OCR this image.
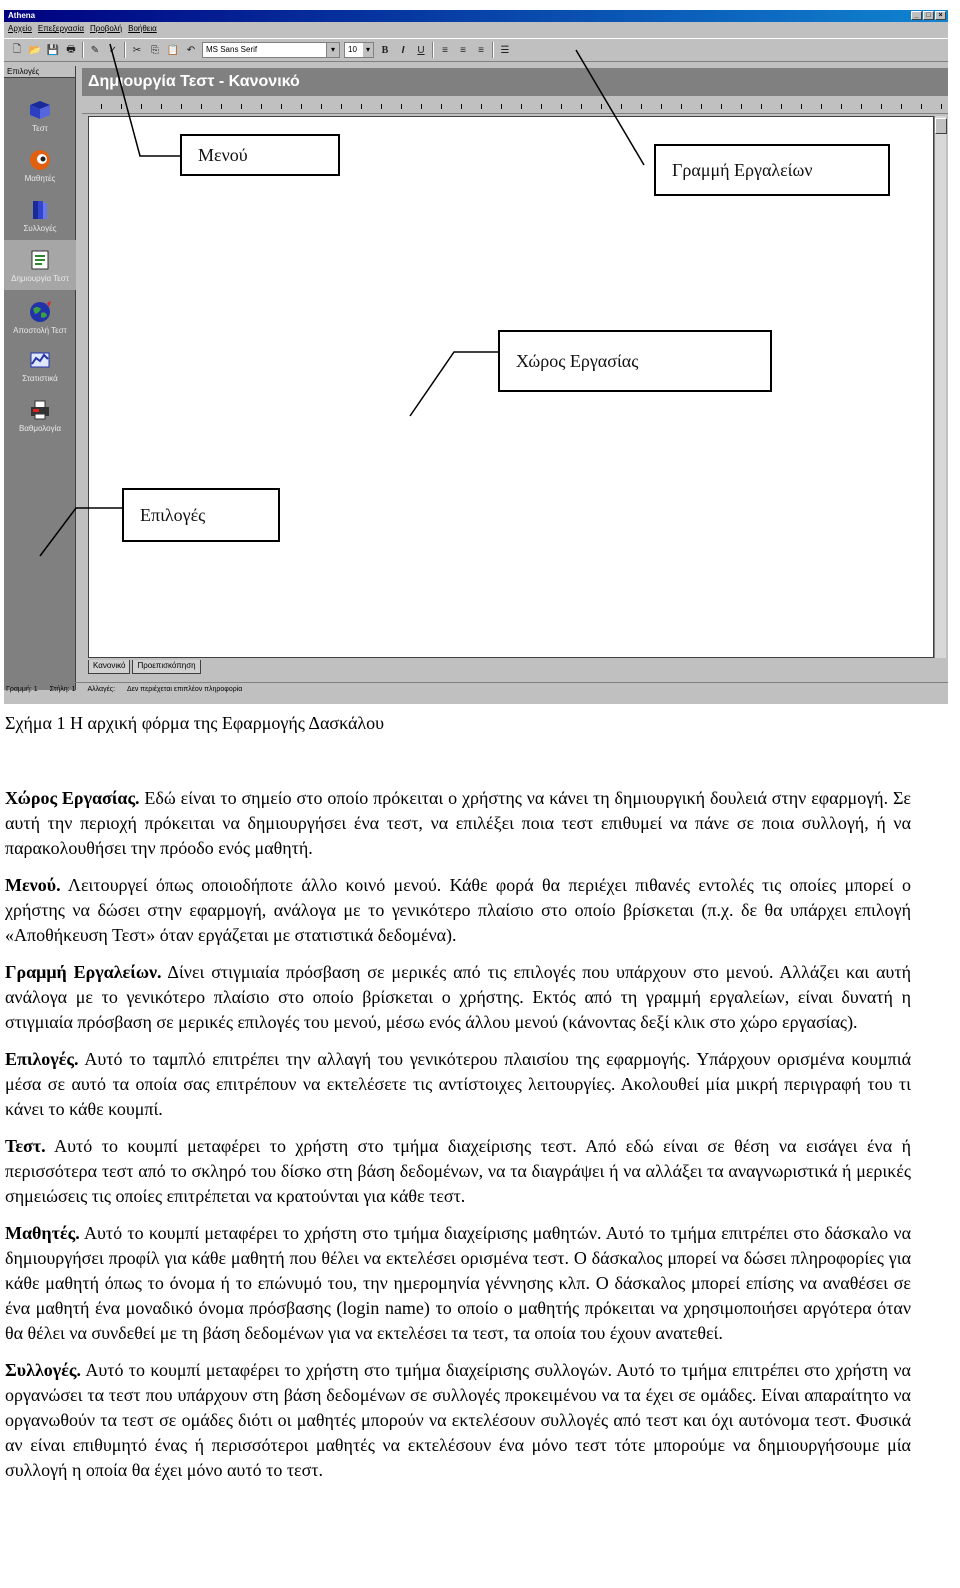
Athena	_	□	×
Αρχείο Επεξεργασία Προβολή Βοήθεια
🗋 📂 💾 🖶 ✎ ✓ ✂ ⎘ 📋 ↶	MS Sans Serif ▾	10 ▾	B	I	U	≡	≡	≡	☰
Επιλογές
Τεστ
Μαθητές
Συλλογές
Δημιουργία Τεστ
Αποστολή Τεστ
Στατιστικά
Βαθμολογία
Δημιουργία Τεστ - Κανονικό
Κανονικό	Προεπισκόπηση
Γραμμή: 1 Στήλη: 1 Αλλαγές: Δεν περιέχεται επιπλέον πληροφορία
Μενού
Γραμμή Εργαλείων
Χώρος Εργασίας
Επιλογές
Σχήμα 1 Η αρχική φόρμα της Εφαρμογής Δασκάλου

Χώρος Εργασίας. Εδώ είναι το σημείο στο οποίο πρόκειται ο χρήστης να κάνει τη δημιουργική δουλειά στην εφαρμογή. Σε αυτή την περιοχή πρόκειται να δημιουργήσει ένα τεστ, να επιλέξει ποια τεστ επιθυμεί να πάνε σε ποια συλλογή, ή να παρακολουθήσει την πρόοδο ενός μαθητή.

Μενού. Λειτουργεί όπως οποιοδήποτε άλλο κοινό μενού. Κάθε φορά θα περιέχει πιθανές εντολές τις οποίες μπορεί ο χρήστης να δώσει στην εφαρμογή, ανάλογα με το γενικότερο πλαίσιο στο οποίο βρίσκεται (π.χ. δε θα υπάρχει επιλογή «Αποθήκευση Τεστ» όταν εργάζεται με στατιστικά δεδομένα).

Γραμμή Εργαλείων. Δίνει στιγμιαία πρόσβαση σε μερικές από τις επιλογές που υπάρχουν στο μενού. Αλλάζει και αυτή ανάλογα με το γενικότερο πλαίσιο στο οποίο βρίσκεται ο χρήστης. Εκτός από τη γραμμή εργαλείων, είναι δυνατή η στιγμιαία πρόσβαση σε μερικές επιλογές του μενού, μέσω ενός άλλου μενού (κάνοντας δεξί κλικ στο χώρο εργασίας).

Επιλογές. Αυτό το ταμπλό επιτρέπει την αλλαγή του γενικότερου πλαισίου της εφαρμογής. Υπάρχουν ορισμένα κουμπιά μέσα σε αυτό τα οποία σας επιτρέπουν να εκτελέσετε τις αντίστοιχες λειτουργίες. Ακολουθεί μία μικρή περιγραφή του τι κάνει το κάθε κουμπί.

Τεστ. Αυτό το κουμπί μεταφέρει το χρήστη στο τμήμα διαχείρισης τεστ. Από εδώ είναι σε θέση να εισάγει ένα ή περισσότερα τεστ από το σκληρό του δίσκο στη βάση δεδομένων, να τα διαγράψει ή να αλλάξει τα αναγνωριστικά ή μερικές σημειώσεις τις οποίες επιτρέπεται να κρατούνται για κάθε τεστ.

Μαθητές. Αυτό το κουμπί μεταφέρει το χρήστη στο τμήμα διαχείρισης μαθητών. Αυτό το τμήμα επιτρέπει στο δάσκαλο να δημιουργήσει προφίλ για κάθε μαθητή που θέλει να εκτελέσει ορισμένα τεστ. Ο δάσκαλος μπορεί να δώσει πληροφορίες για κάθε μαθητή όπως το όνομα ή το επώνυμό του, την ημερομηνία γέννησης κλπ. Ο δάσκαλος μπορεί επίσης να αναθέσει σε ένα μαθητή ένα μοναδικό όνομα πρόσβασης (login name) το οποίο ο μαθητής πρόκειται να χρησιμοποιήσει αργότερα όταν θα θέλει να συνδεθεί με τη βάση δεδομένων για να εκτελέσει τα τεστ, τα οποία του έχουν ανατεθεί.

Συλλογές. Αυτό το κουμπί μεταφέρει το χρήστη στο τμήμα διαχείρισης συλλογών. Αυτό το τμήμα επιτρέπει στο χρήστη να οργανώσει τα τεστ που υπάρχουν στη βάση δεδομένων σε συλλογές προκειμένου να τα έχει σε ομάδες. Είναι απαραίτητο να οργανωθούν τα τεστ σε ομάδες διότι οι μαθητές μπορούν να εκτελέσουν συλλογές από τεστ και όχι αυτόνομα τεστ. Φυσικά αν είναι επιθυμητό ένας ή περισσότεροι μαθητές να εκτελέσουν ένα μόνο τεστ τότε μπορούμε να δημιουργήσουμε μία συλλογή η οποία θα έχει μόνο αυτό το τεστ.
